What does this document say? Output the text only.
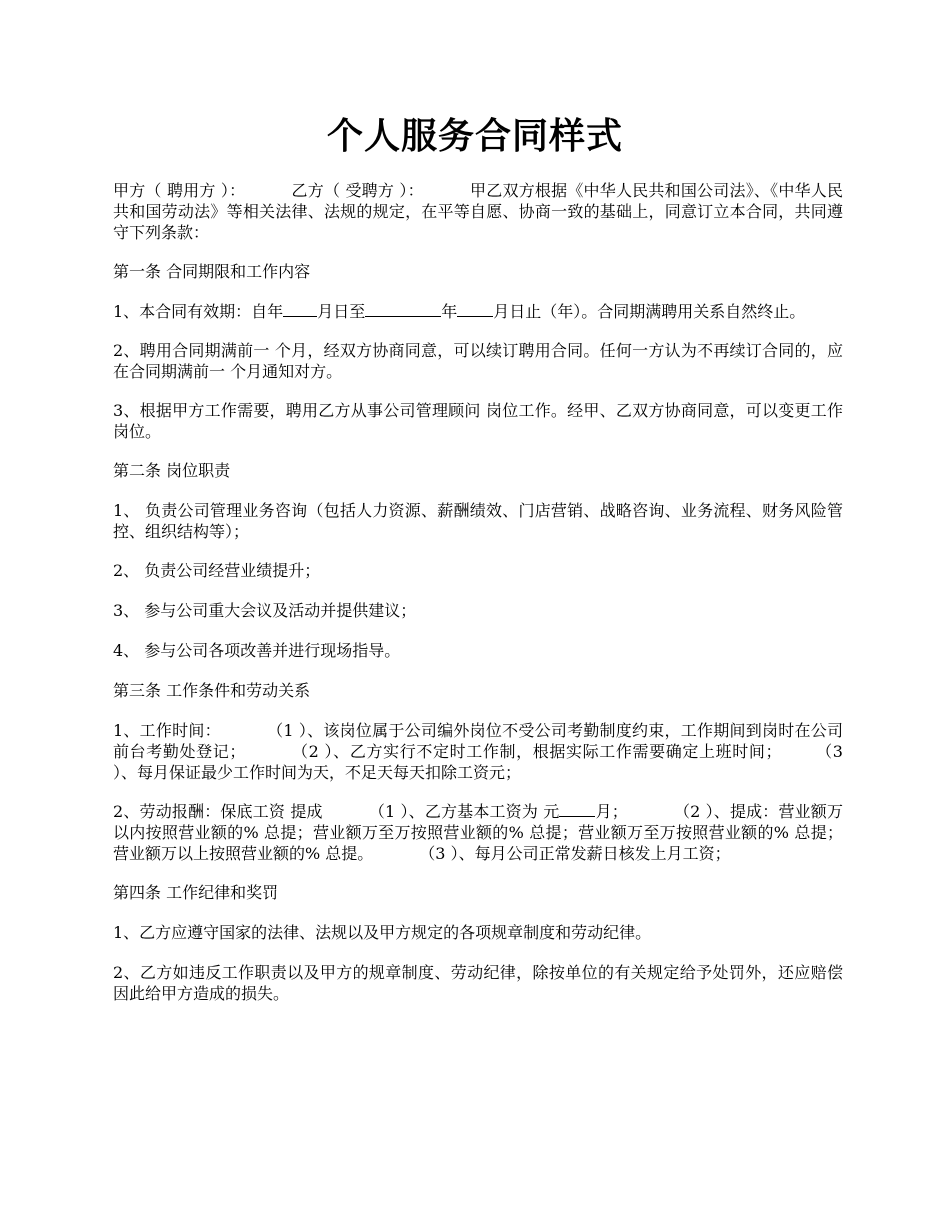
个人服务合同样式

甲方（ 聘用方 ）：	乙方（ 受聘方 ）：	甲乙双方根据《中华人民共和国公司法》、《中华人民共和国劳动法》等相关法律、法规的规定，在平等自愿、协商一致的基础上，同意订立本合同，共同遵守下列条款：

第一条 合同期限和工作内容

1、本合同有效期：自年 月日至	年 月日止（年）。合同期满聘用关系自然终止。

2、聘用合同期满前一 个月，经双方协商同意，可以续订聘用合同。任何一方认为不再续订合同的，应在合同期满前一 个月通知对方。

3、根据甲方工作需要，聘用乙方从事公司管理顾问 岗位工作。经甲、乙双方协商同意，可以变更工作岗位。

第二条 岗位职责

1、 负责公司管理业务咨询（包括人力资源、薪酬绩效、门店营销、战略咨询、业务流程、财务风险管控、组织结构等）；

2、 负责公司经营业绩提升；

3、 参与公司重大会议及活动并提供建议；

4、 参与公司各项改善并进行现场指导。

第三条 工作条件和劳动关系

1、工作时间：	（1 ）、该岗位属于公司编外岗位不受公司考勤制度约束，工作期间到岗时在公司前台考勤处登记；	（2 ）、乙方实行不定时工作制，根据实际工作需要确定上班时间； （3 ）、每月保证最少工作时间为天，不足天每天扣除工资元；

2、劳动报酬：保底工资 提成	（1 ）、乙方基本工资为 元 月；	（2 ）、提成：营业额万以内按照营业额的% 总提；营业额万至万按照营业额的% 总提；营业额万至万按照营业额的% 总提；营业额万以上按照营业额的% 总提。	（3 ）、每月公司正常发薪日核发上月工资；

第四条 工作纪律和奖罚

1、乙方应遵守国家的法律、法规以及甲方规定的各项规章制度和劳动纪律。

2、乙方如违反工作职责以及甲方的规章制度、劳动纪律，除按单位的有关规定给予处罚外，还应赔偿因此给甲方造成的损失。
